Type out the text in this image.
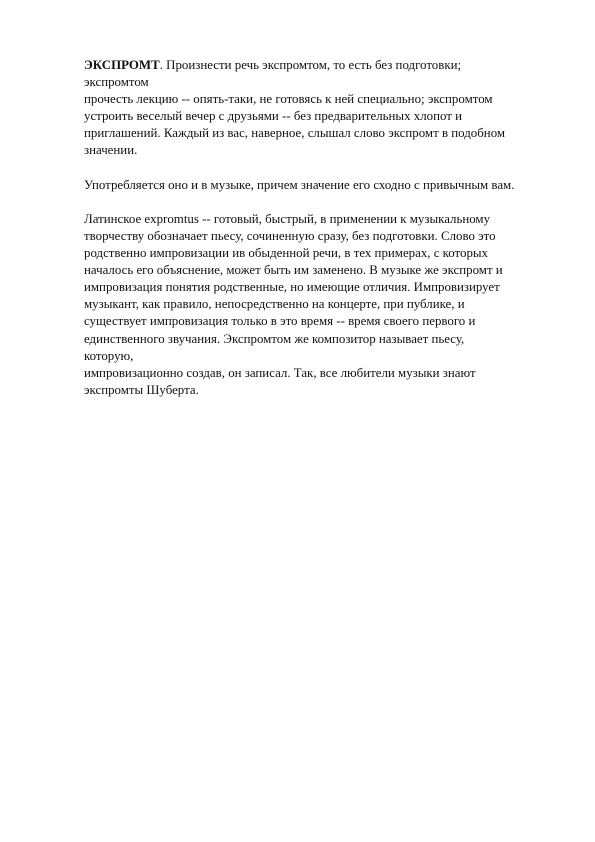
ЭКСПРОМТ. Произнести речь экспромтом, то есть без подготовки;
экспромтом
прочесть лекцию -- опять-таки, не готовясь к ней специально; экспромтом
устроить веселый вечер с друзьями -- без предварительных хлопот и
приглашений. Каждый из вас, наверное, слышал слово экспромт в подобном
значении.

Употребляется оно и в музыке, причем значение его сходно с привычным вам.

Латинское expromtus -- готовый, быстрый, в применении к музыкальному
творчеству обозначает пьесу, сочиненную сразу, без подготовки. Слово это
родственно импровизации ив обыденной речи, в тех примерах, с которых
началось его объяснение, может быть им заменено. В музыке же экспромт и
импровизация понятия родственные, но имеющие отличия. Импровизирует
музыкант, как правило, непосредственно на концерте, при публике, и
существует импровизация только в это время -- время своего первого и
единственного звучания. Экспромтом же композитор называет пьесу,
которую,
импровизационно создав, он записал. Так, все любители музыки знают
экспромты Шуберта.
